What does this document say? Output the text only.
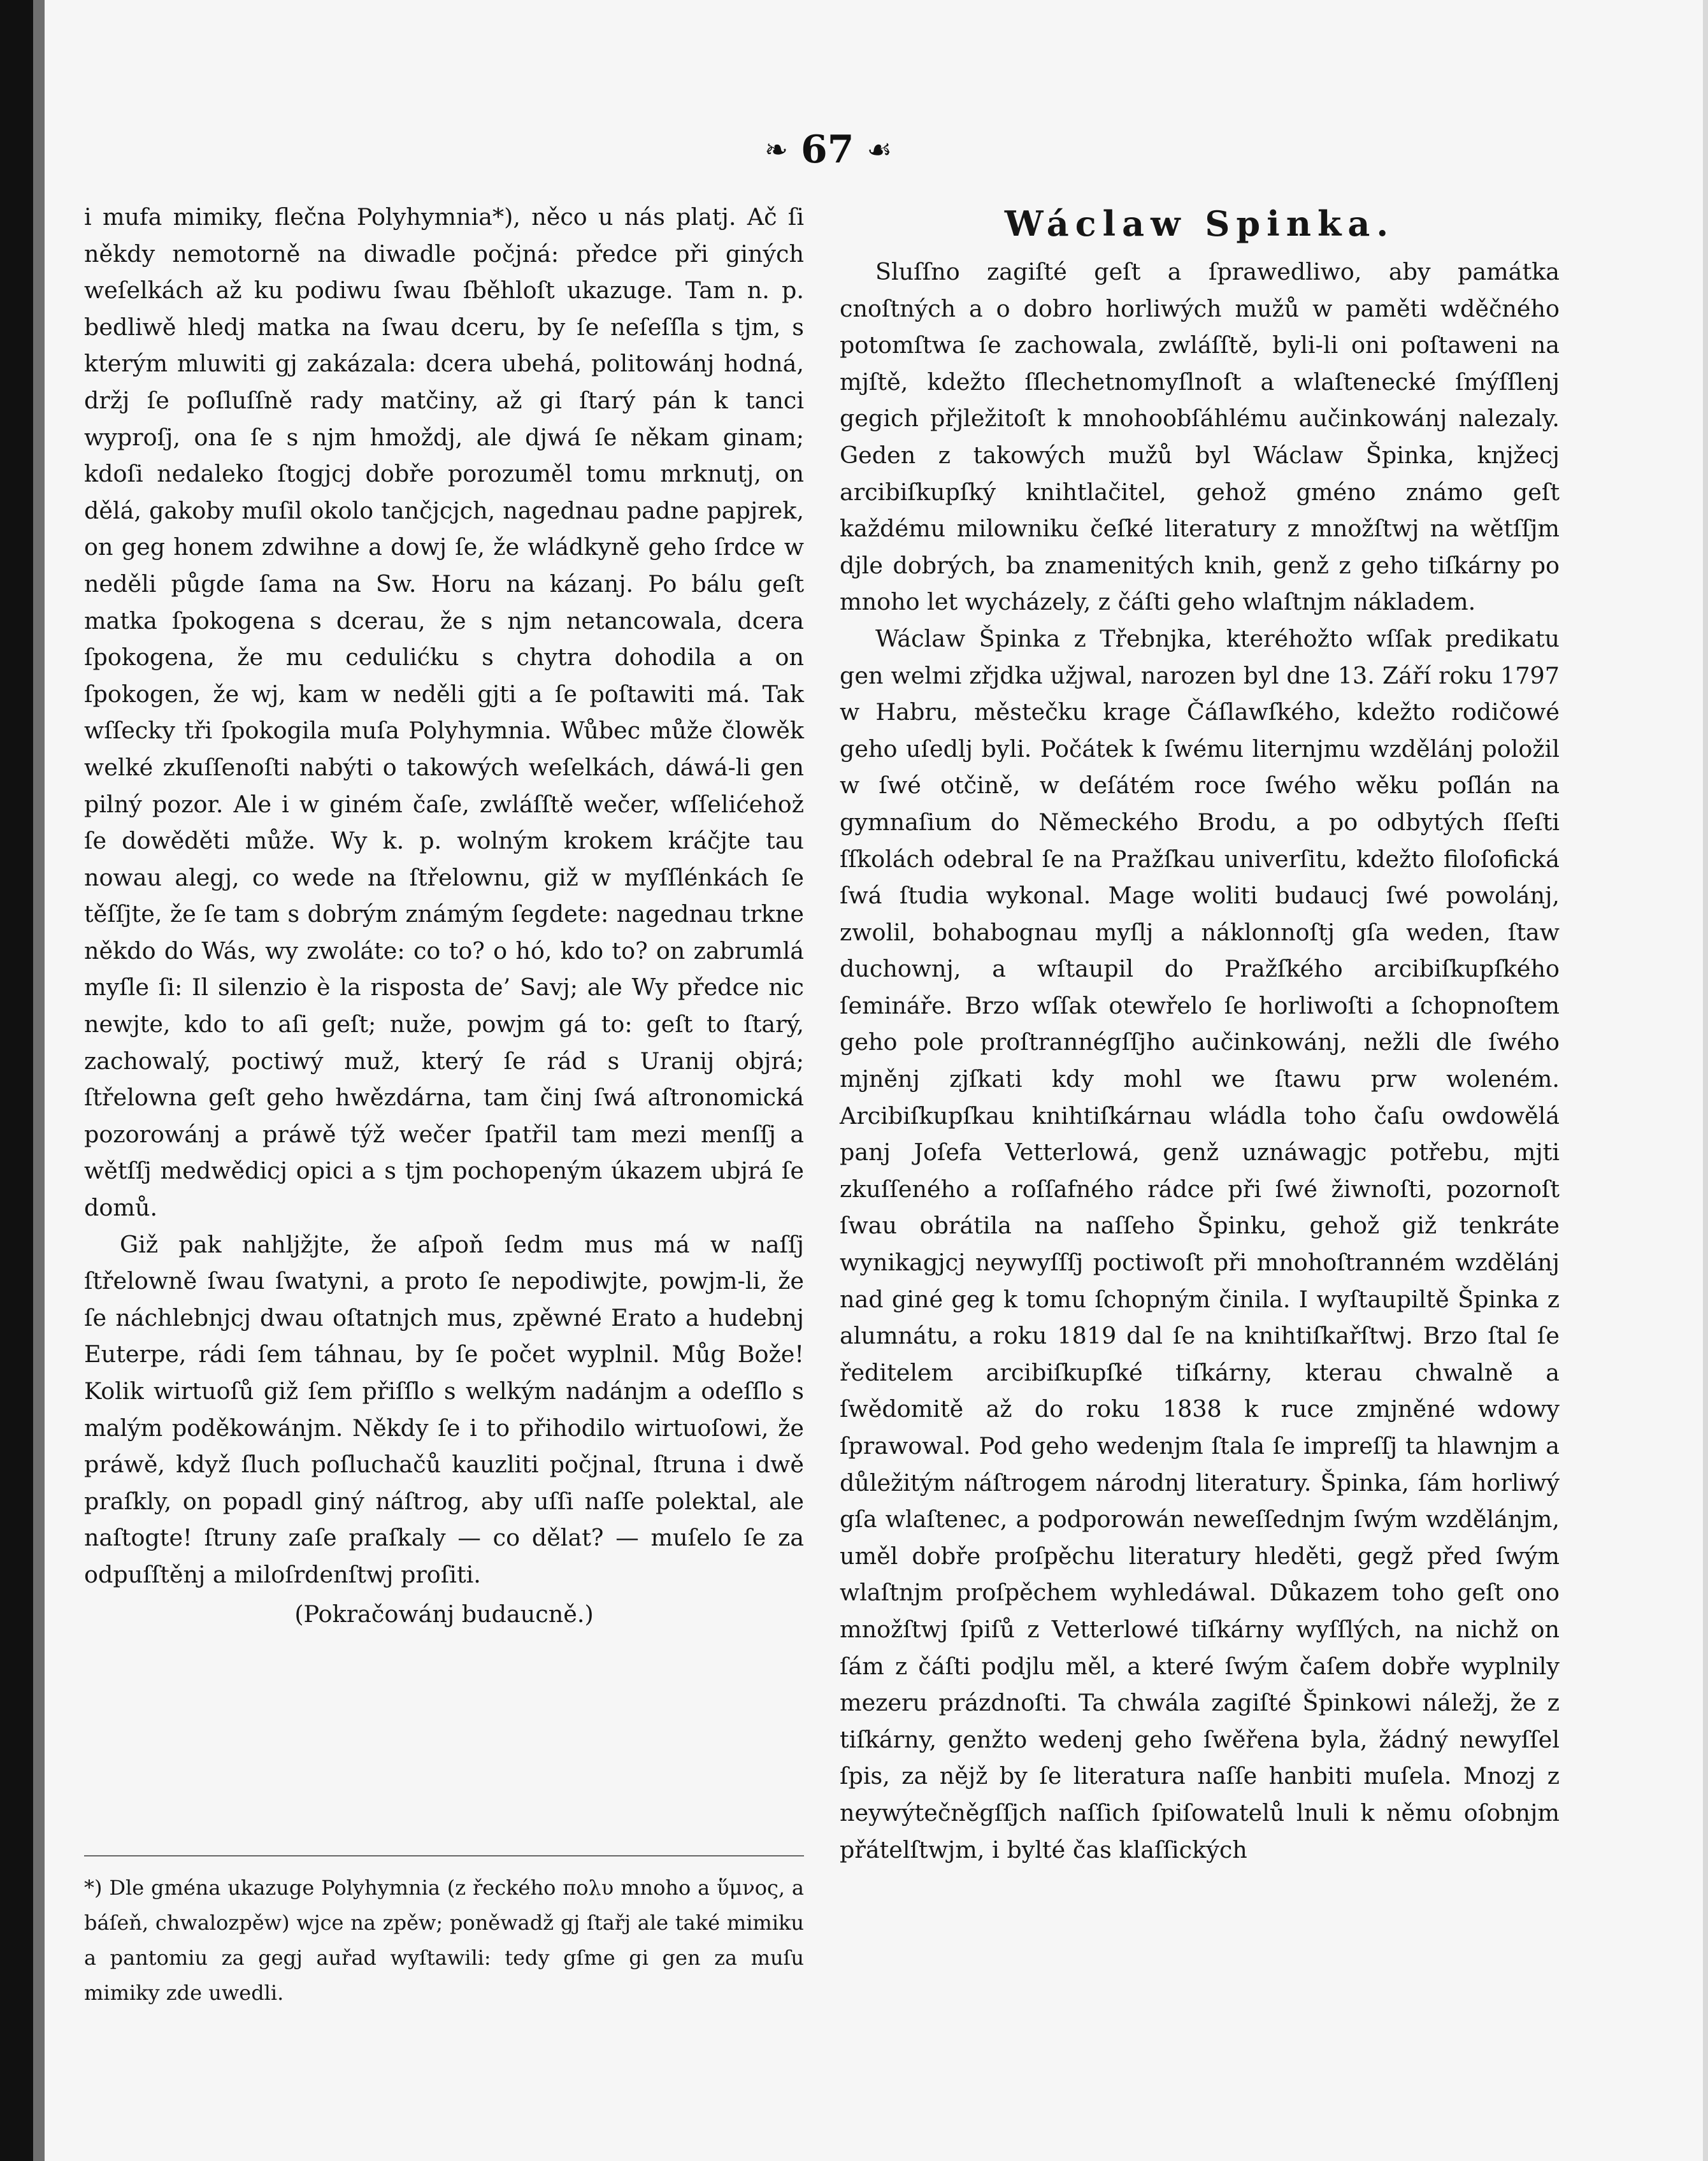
❧ 67 ☙

i mufa mimiky, flečna Polyhymnia*), něco u nás platj. Ač ſi někdy nemotorně na diwadle počjná: předce při giných weſelkách až ku podiwu ſwau ſběhloſt ukazuge. Tam n. p. bedliwě hledj matka na ſwau dceru, by ſe neſeſſla s tjm, s kterým mluwiti gj zakázala: dcera ubehá, politowánj hodná, držj ſe poſluſſně rady matčiny, až gi ſtarý pán k tanci wyproſj, ona ſe s njm hmoždj, ale djwá ſe někam ginam; kdoſi nedaleko ſtogjcj dobře porozuměl tomu mrknutj, on dělá, gakoby muſil okolo tančjcjch, nagednau padne papjrek, on geg honem zdwihne a dowj ſe, že wládkyně geho ſrdce w neděli půgde ſama na Sw. Horu na kázanj. Po bálu geſt matka ſpokogena s dcerau, že s njm netancowala, dcera ſpokogena, že mu cedulićku s chytra dohodila a on ſpokogen, že wj, kam w neděli gjti a ſe poſtawiti má. Tak wſſecky tři ſpokogila muſa Polyhymnia. Wůbec může člowěk welké zkuſſenoſti nabýti o takowých weſelkách, dáwá-li gen pilný pozor. Ale i w giném čaſe, zwláſſtě wečer, wſſelićehož ſe dowěděti může. Wy k. p. wolným krokem kráčjte tau nowau alegj, co wede na ſtřelownu, giž w myſſlénkách ſe těſſjte, že ſe tam s dobrým známým ſegdete: nagednau trkne někdo do Wás, wy zwoláte: co to? o hó, kdo to? on zabrumlá myſle ſi: Il silenzio è la risposta de’ Savj; ale Wy předce nic newjte, kdo to aſi geſt; nuže, powjm gá to: geſt to ſtarý, zachowalý, poctiwý muž, který ſe rád s Uranij objrá; ſtřelowna geſt geho hwězdárna, tam činj ſwá aſtronomická pozorowánj a práwě týž wečer ſpatřil tam mezi menſſj a wětſſj medwědicj opici a s tjm pochopeným úkazem ubjrá ſe domů.

Giž pak nahljžjte, že aſpoň ſedm mus má w naſſj ſtřelowně ſwau ſwatyni, a proto ſe nepodiwjte, powjm-li, že ſe náchlebnjcj dwau oſtatnjch mus, zpěwné Erato a hudebnj Euterpe, rádi ſem táhnau, by ſe počet wyplnil. Můg Bože! Kolik wirtuoſů giž ſem přiſſlo s welkým nadánjm a odeſſlo s malým poděkowánjm. Někdy ſe i to přihodilo wirtuoſowi, že práwě, když ſluch poſluchačů kauzliti počjnal, ſtruna i dwě praſkly, on popadl giný náſtrog, aby uſſi naſſe polektal, ale naſtogte! ſtruny zaſe praſkaly — co dělat? — muſelo ſe za odpuſſtěnj a miloſrdenſtwj proſiti.

(Pokračowánj budaucně.)

*) Dle gména ukazuge Polyhymnia (z řeckého πολυ mnoho a ὕμνος, a báſeň, chwalozpěw) wjce na zpěw; poněwadž gj ſtařj ale také mimiku a pantomiu za gegj auřad wyſtawili: tedy gſme gi gen za muſu mimiky zde uwedli.

Wáclaw Spinka.

Sluſſno zagiſté geſt a ſprawedliwo, aby památka cnoſtných a o dobro horliwých mužů w paměti wděčného potomſtwa ſe zachowala, zwláſſtě, byli-li oni poſtaweni na mjſtě, kdežto ſſlechetnomyſlnoſt a wlaſtenecké ſmýſſlenj gegich přjležitoſt k mnohoobſáhlému aučinkowánj nalezaly. Geden z takowých mužů byl Wáclaw Špinka, knjžecj arcibiſkupſký knihtlačitel, gehož gméno známo geſt každému milowniku čeſké literatury z množſtwj na wětſſjm djle dobrých, ba znamenitých knih, genž z geho tiſkárny po mnoho let wycházely, z čáſti geho wlaſtnjm nákladem.

Wáclaw Špinka z Třebnjka, kteréhožto wſſak predikatu gen welmi zřjdka užjwal, narozen byl dne 13. Září roku 1797 w Habru, městečku krage Čáſlawſkého, kdežto rodičowé geho uſedlj byli. Počátek k ſwému liternjmu wzdělánj položil w ſwé otčině, w deſátém roce ſwého wěku poſlán na gymnaſium do Německého Brodu, a po odbytých ſſeſti ſſkolách odebral ſe na Pražſkau univerſitu, kdežto filoſofická ſwá ſtudia wykonal. Mage woliti budaucj ſwé powolánj, zwolil, bohabognau myſlj a náklonnoſtj gſa weden, ſtaw duchownj, a wſtaupil do Pražſkého arcibiſkupſkého ſemináře. Brzo wſſak otewřelo ſe horliwoſti a ſchopnoſtem geho pole proſtrannégſſjho aučinkowánj, nežli dle ſwého mjněnj zjſkati kdy mohl we ſtawu prw woleném. Arcibiſkupſkau knihtiſkárnau wládla toho čaſu owdowělá panj Joſefa Vetterlowá, genž uznáwagjc potřebu, mjti zkuſſeného a roſſafného rádce při ſwé žiwnoſti, pozornoſt ſwau obrátila na naſſeho Špinku, gehož giž tenkráte wynikagjcj neywyſſſj poctiwoſt při mnohoſtranném wzdělánj nad giné geg k tomu ſchopným činila. I wyſtaupiltě Špinka z alumnátu, a roku 1819 dal ſe na knihtiſkařſtwj. Brzo ſtal ſe ředitelem arcibiſkupſké tiſkárny, kterau chwalně a ſwědomitě až do roku 1838 k ruce zmjněné wdowy ſprawowal. Pod geho wedenjm ſtala ſe impreſſj ta hlawnjm a důležitým náſtrogem národnj literatury. Špinka, ſám horliwý gſa wlaſtenec, a podporowán neweſſednjm ſwým wzdělánjm, uměl dobře proſpěchu literatury hleděti, gegž před ſwým wlaſtnjm proſpěchem wyhledáwal. Důkazem toho geſt ono množſtwj ſpiſů z Vetterlowé tiſkárny wyſſlých, na nichž on ſám z čáſti podjlu měl, a které ſwým čaſem dobře wyplnily mezeru prázdnoſti. Ta chwála zagiſté Špinkowi náležj, že z tiſkárny, genžto wedenj geho ſwěřena byla, žádný newyſſel ſpis, za nějž by ſe literatura naſſe hanbiti muſela. Mnozj z neywýtečněgſſjch naſſich ſpiſowatelů lnuli k němu oſobnjm přátelſtwjm, i bylté čas klaſſických
